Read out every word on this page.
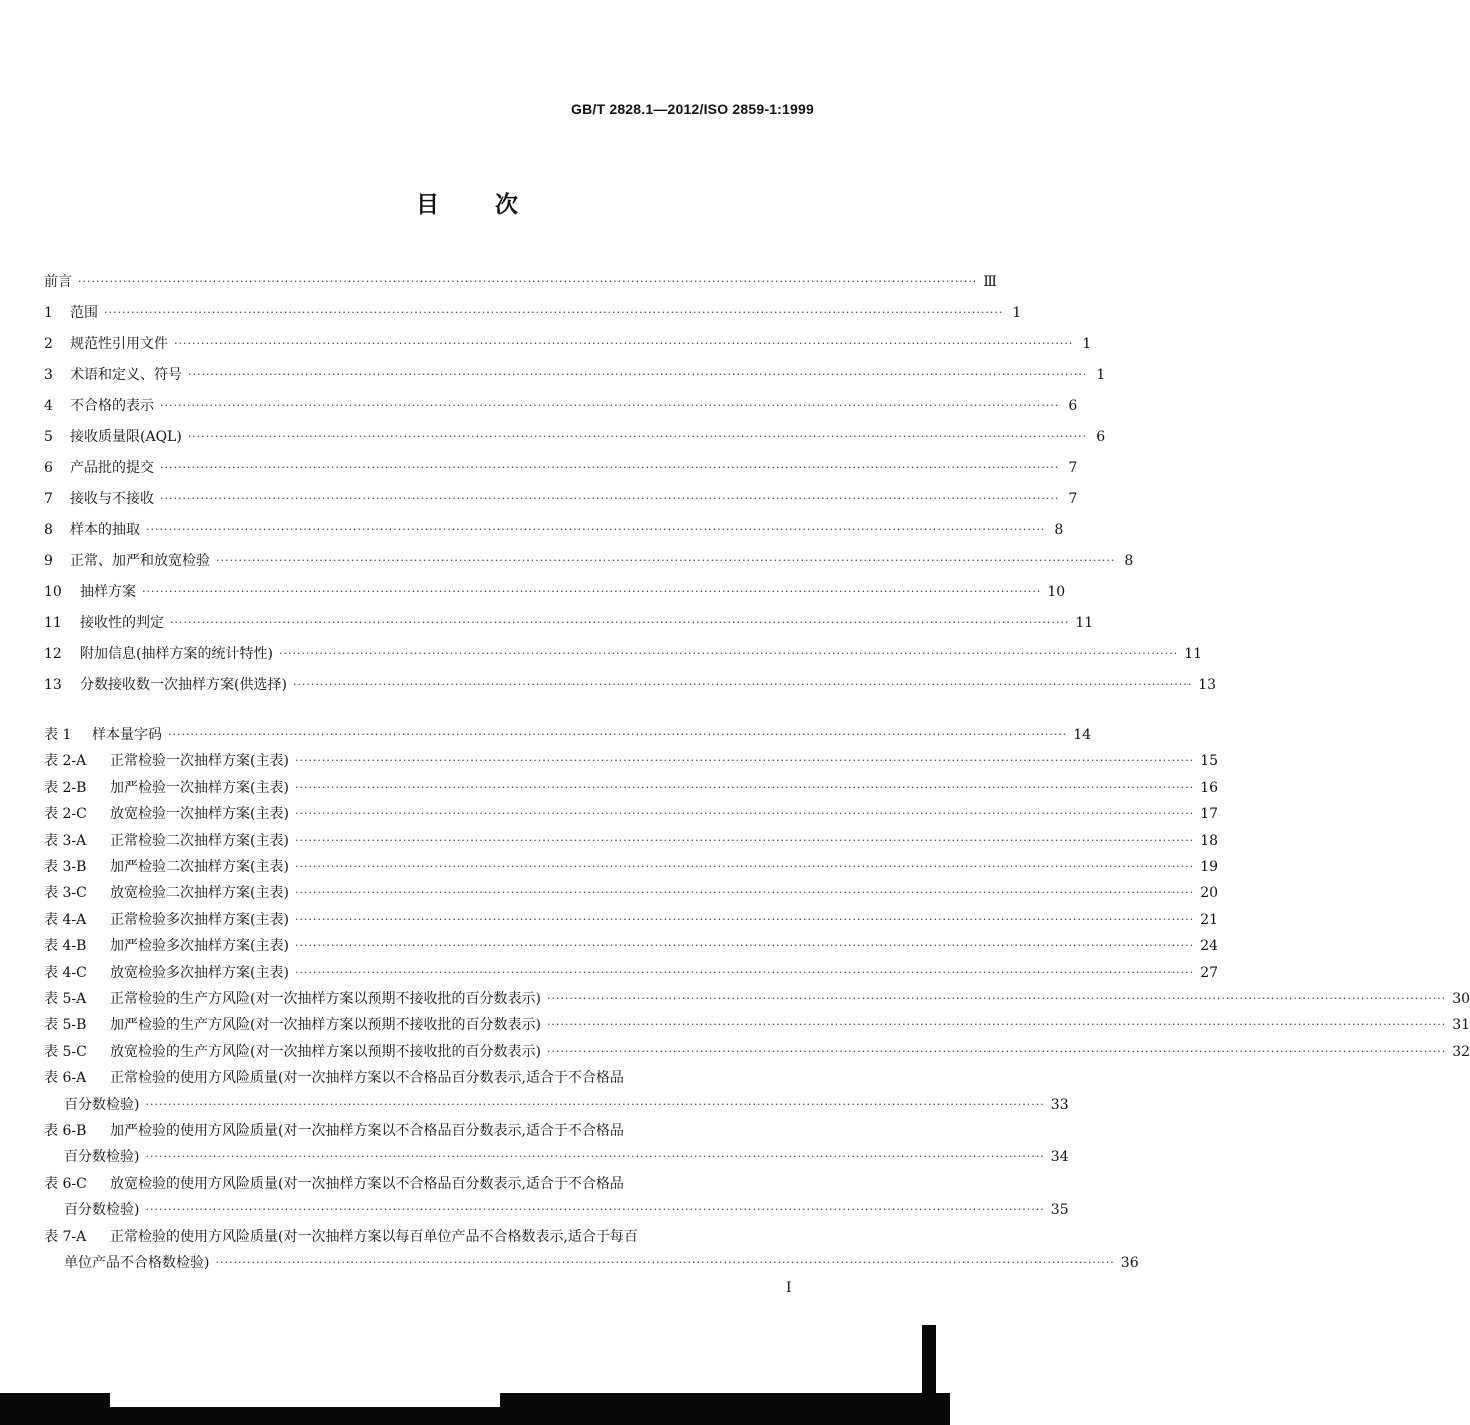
GB/T 2828.1—2012/ISO 2859-1:1999
目次
前言 ········································································································································································································ Ⅲ
1 范围 ········································································································································································································ 1
2 规范性引用文件 ········································································································································································································ 1
3 术语和定义、符号 ········································································································································································································ 1
4 不合格的表示 ········································································································································································································ 6
5 接收质量限(AQL) ········································································································································································································ 6
6 产品批的提交 ········································································································································································································ 7
7 接收与不接收 ········································································································································································································ 7
8 样本的抽取 ········································································································································································································ 8
9 正常、加严和放宽检验 ········································································································································································································ 8
10 抽样方案 ········································································································································································································ 10
11 接收性的判定 ········································································································································································································ 11
12 附加信息(抽样方案的统计特性) ········································································································································································································ 11
13 分数接收数一次抽样方案(供选择) ········································································································································································································ 13
表 1 样本量字码 ········································································································································································································ 14
表 2-A 正常检验一次抽样方案(主表) ········································································································································································································ 15
表 2-B 加严检验一次抽样方案(主表) ········································································································································································································ 16
表 2-C 放宽检验一次抽样方案(主表) ········································································································································································································ 17
表 3-A 正常检验二次抽样方案(主表) ········································································································································································································ 18
表 3-B 加严检验二次抽样方案(主表) ········································································································································································································ 19
表 3-C 放宽检验二次抽样方案(主表) ········································································································································································································ 20
表 4-A 正常检验多次抽样方案(主表) ········································································································································································································ 21
表 4-B 加严检验多次抽样方案(主表) ········································································································································································································ 24
表 4-C 放宽检验多次抽样方案(主表) ········································································································································································································ 27
表 5-A 正常检验的生产方风险(对一次抽样方案以预期不接收批的百分数表示) ········································································································································································································ 30
表 5-B 加严检验的生产方风险(对一次抽样方案以预期不接收批的百分数表示) ········································································································································································································ 31
表 5-C 放宽检验的生产方风险(对一次抽样方案以预期不接收批的百分数表示) ········································································································································································································ 32
表 6-A 正常检验的使用方风险质量(对一次抽样方案以不合格品百分数表示,适合于不合格品
百分数检验) ········································································································································································································ 33
表 6-B 加严检验的使用方风险质量(对一次抽样方案以不合格品百分数表示,适合于不合格品
百分数检验) ········································································································································································································ 34
表 6-C 放宽检验的使用方风险质量(对一次抽样方案以不合格品百分数表示,适合于不合格品
百分数检验) ········································································································································································································ 35
表 7-A 正常检验的使用方风险质量(对一次抽样方案以每百单位产品不合格数表示,适合于每百
单位产品不合格数检验) ········································································································································································································ 36
I
